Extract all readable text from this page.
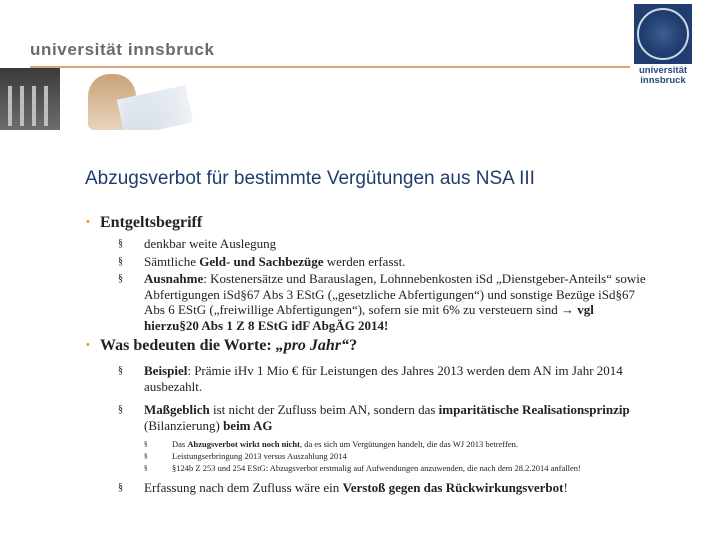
universität innsbruck
universität
innsbruck
Abzugsverbot für bestimmte Vergütungen aus NSA III
• Entgeltsbegriff
§ denkbar weite Auslegung
§ Sämtliche Geld- und Sachbezüge werden erfasst.
§ Ausnahme: Kostenersätze und Barauslagen, Lohnnebenkosten iSd „Dienstgeber-Anteils“ sowie Abfertigungen iSd§67 Abs 3 EStG („gesetzliche Abfertigungen“) und sonstige Bezüge iSd§67 Abs 6 EStG („freiwillige Abfertigungen“), sofern sie mit 6% zu versteuern sind → vgl hierzu§20 Abs 1 Z 8 EStG idF AbgÄG 2014!
• Was bedeuten die Worte: „pro Jahr“?
§ Beispiel: Prämie iHv 1 Mio € für Leistungen des Jahres 2013 werden dem AN im Jahr 2014 ausbezahlt.
§ Maßgeblich ist nicht der Zufluss beim AN, sondern das imparitätische Realisationsprinzip (Bilanzierung) beim AG
§	Das Abzugsverbot wirkt noch nicht, da es sich um Vergütungen handelt, die das WJ 2013 betreffen.
§	Leistungserbringung 2013 versus Auszahlung 2014
§	§124b Z 253 und 254 EStG: Abzugsverbot erstmalig auf Aufwendungen anzuwenden, die nach dem 28.2.2014 anfallen!
§ Erfassung nach dem Zufluss wäre ein Verstoß gegen das Rückwirkungsverbot!
